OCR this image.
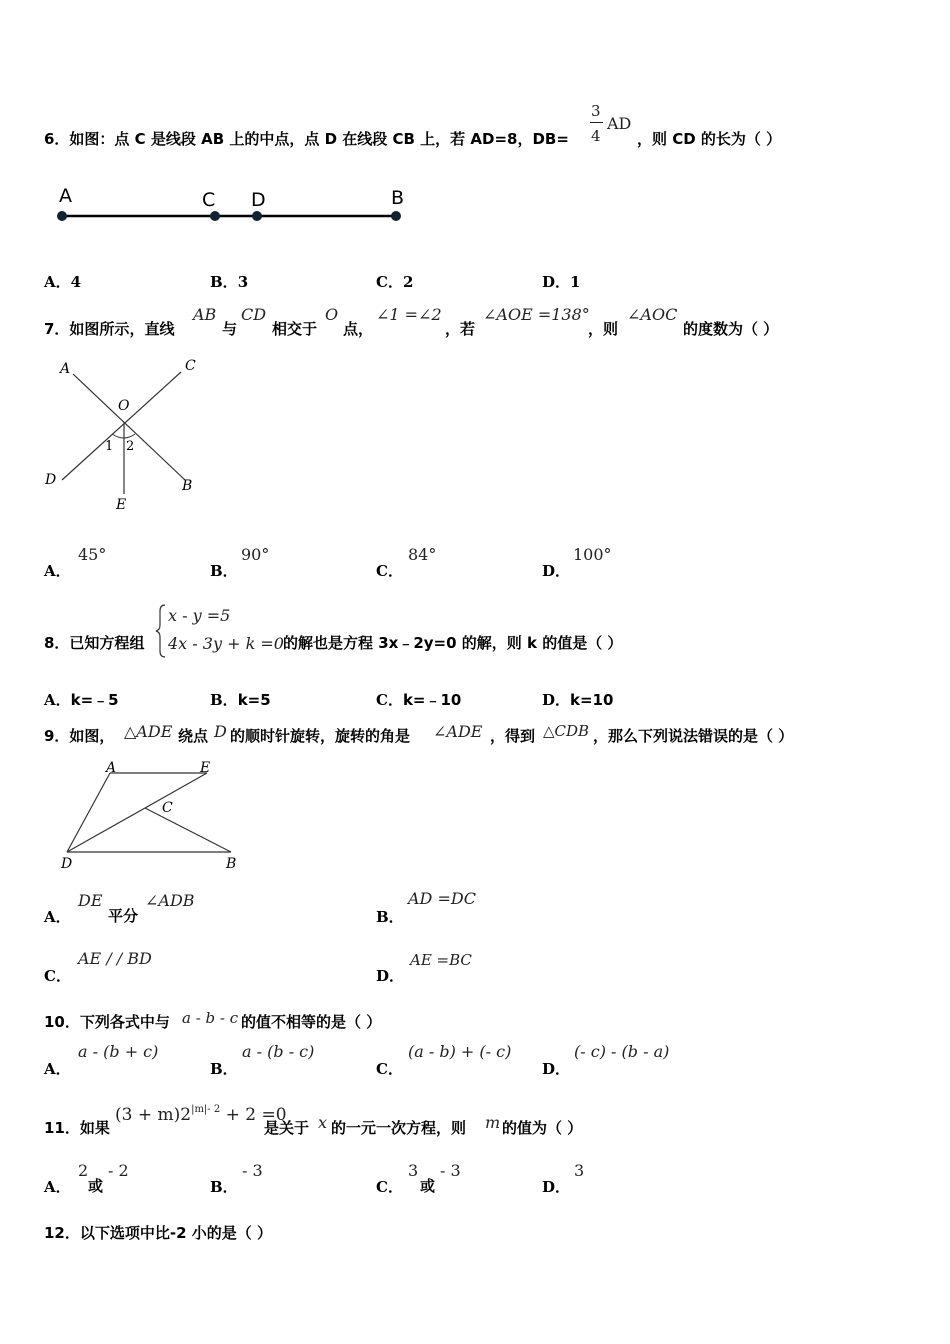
6．如图：点 C 是线段 AB 上的中点，点 D 在线段 CB 上，若 AD=8，DB=
3
4
AD
，则 CD 的长为（ ）
A	C D	B
A．4	B．3	C．2	D．1
7．如图所示，直线
AB
与
CD
相交于
O
点，
∠1 =∠2
，若
∠AOE =138°
，则
∠AOC
的度数为（ ）
A	C
O
D	B
E
1 2
A．
45°
B．
90°
C．
84°
D．
100°
8．已知方程组
x - y =5
4x - 3y + k =0 的解也是方程 3x﹣2y=0 的解，则 k 的值是（ ）
A．k=﹣5	B．k=5	C．k=﹣10	D．k=10
9．如图， △ADE 绕点 D 的顺时针旋转，旋转的角是 ∠ADE ，得到 △CDB ，那么下列说法错误的是（ ）
A	E
C
D	B
A．
DE
平分
∠ADB
B．
AD =DC
C．
AE / / BD
D．
AE =BC
10．下列各式中与 a - b - c 的值不相等的是（ ）
A．
a - (b + c)
B．
a - (b - c)
C．
(a - b) + (- c)
D．
(- c) - (b - a)
11．如果
$(3 + m)2^{|m|- 2} + 2 =0$
是关于 x 的一元一次方程，则 m 的值为（ ）
A．
2
或
- 2
B．
- 3
C．
3
或
- 3
D．
3
12．以下选项中比-2 小的是（ ）
